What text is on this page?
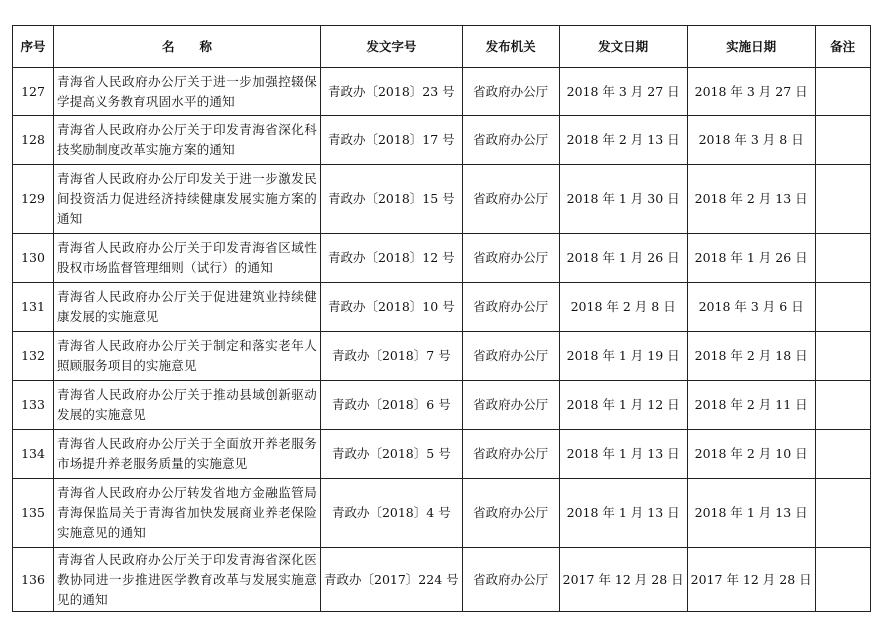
序号	名　　称	发文字号	发布机关	发文日期	实施日期	备注
127	青海省人民政府办公厅关于进一步加强控辍保学提高义务教育巩固水平的通知	青政办〔2018〕23 号	省政府办公厅	2018 年 3 月 27 日	2018 年 3 月 27 日	
128	青海省人民政府办公厅关于印发青海省深化科技奖励制度改革实施方案的通知	青政办〔2018〕17 号	省政府办公厅	2018 年 2 月 13 日	2018 年 3 月 8 日	
129	青海省人民政府办公厅印发关于进一步激发民间投资活力促进经济持续健康发展实施方案的通知	青政办〔2018〕15 号	省政府办公厅	2018 年 1 月 30 日	2018 年 2 月 13 日	
130	青海省人民政府办公厅关于印发青海省区域性股权市场监督管理细则（试行）的通知	青政办〔2018〕12 号	省政府办公厅	2018 年 1 月 26 日	2018 年 1 月 26 日	
131	青海省人民政府办公厅关于促进建筑业持续健康发展的实施意见	青政办〔2018〕10 号	省政府办公厅	2018 年 2 月 8 日	2018 年 3 月 6 日	
132	青海省人民政府办公厅关于制定和落实老年人照顾服务项目的实施意见	青政办〔2018〕7 号	省政府办公厅	2018 年 1 月 19 日	2018 年 2 月 18 日	
133	青海省人民政府办公厅关于推动县域创新驱动发展的实施意见	青政办〔2018〕6 号	省政府办公厅	2018 年 1 月 12 日	2018 年 2 月 11 日	
134	青海省人民政府办公厅关于全面放开养老服务市场提升养老服务质量的实施意见	青政办〔2018〕5 号	省政府办公厅	2018 年 1 月 13 日	2018 年 2 月 10 日	
135	青海省人民政府办公厅转发省地方金融监管局青海保监局关于青海省加快发展商业养老保险实施意见的通知	青政办〔2018〕4 号	省政府办公厅	2018 年 1 月 13 日	2018 年 1 月 13 日	
136	青海省人民政府办公厅关于印发青海省深化医教协同进一步推进医学教育改革与发展实施意见的通知	青政办〔2017〕224 号	省政府办公厅	2017 年 12 月 28 日	2017 年 12 月 28 日	
